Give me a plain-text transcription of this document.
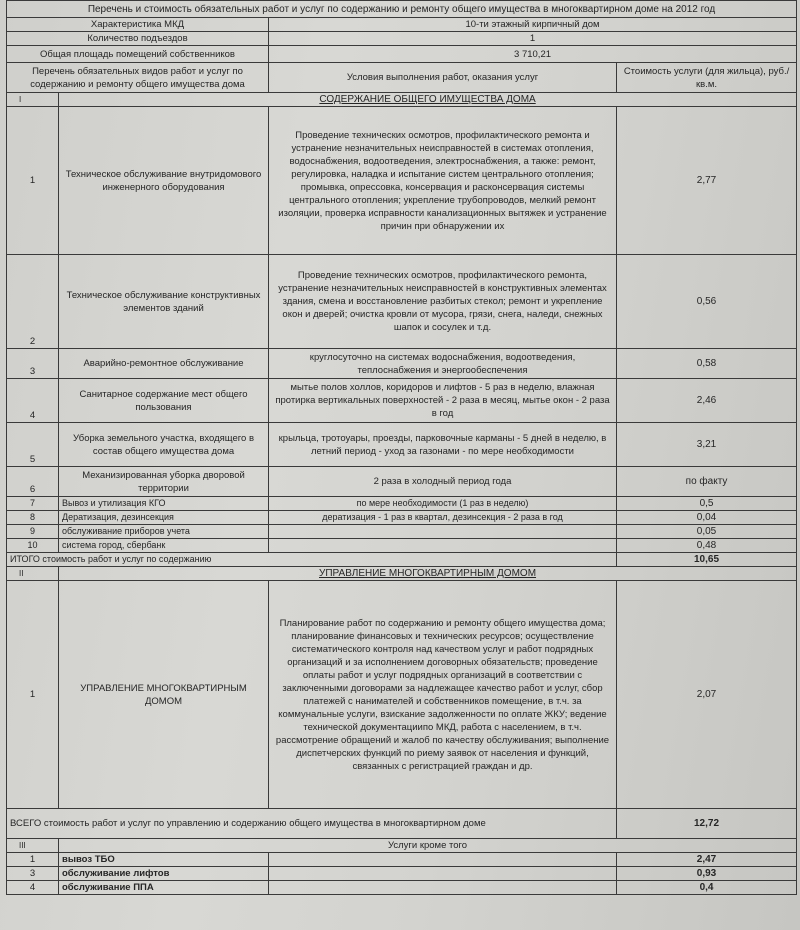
Перечень и стоимость обязательных работ и услуг по содержанию и ремонту общего имущества в многоквартирном доме на 2012 год			
Характеристика МКД		10-ти этажный кирпичный дом	
Количество подъездов		1	
Общая площадь помещений собственников		3 710,21	
Перечень обязательных видов работ и услуг по содержанию и ремонту общего имущества дома		Условия выполнения работ, оказания услуг	Стоимость услуги (для жильца), руб./кв.м.
I	СОДЕРЖАНИЕ ОБЩЕГО ИМУЩЕСТВА ДОМА		
1	Техническое обслуживание внутридомового инженерного оборудования	Проведение технических осмотров, профилактического ремонта и устранение незначительных неисправностей в системах отопления, водоснабжения, водоотведения, электроснабжения, а также: ремонт, регулировка, наладка и испытание систем центрального отопления; промывка, опрессовка, консервация и расконсервация системы центрального отопления; укрепление трубопроводов, мелкий ремонт изоляции, проверка исправности канализационных вытяжек и устранение причин при обнаружении их	2,77
2	Техническое обслуживание конструктивных элементов зданий	Проведение технических осмотров, профилактического ремонта, устранение незначительных неисправностей в конструктивных элементах здания, смена и восстановление разбитых стекол; ремонт и укрепление окон и дверей; очистка кровли от мусора, грязи, снега, наледи, снежных шапок и сосулек и т.д.	0,56
3	Аварийно-ремонтное обслуживание	круглосуточно на системах водоснабжения, водоотведения, теплоснабжения и энергообеспечения	0,58
4	Санитарное содержание мест общего пользования	мытье полов холлов, коридоров и лифтов - 5 раз в неделю, влажная протирка вертикальных поверхностей - 2 раза в месяц, мытье окон - 2 раза в год	2,46
5	Уборка земельного участка, входящего в состав общего имущества дома	крыльца, тротоуары, проезды, парковочные карманы - 5 дней в неделю, в летний период - уход за газонами - по мере необходимости	3,21
6	Механизированная уборка дворовой территории	2 раза в холодный период года	по факту
7	Вывоз и утилизация КГО	по мере необходимости (1 раз в неделю)	0,5
8	Дератизация, дезинсекция	дератизация - 1 раз в квартал, дезинсекция - 2 раза в год	0,04
9	обслуживание приборов учета		0,05
10	система город, сбербанк		0,48
ИТОГО стоимость работ и услуг по содержанию			10,65
II	УПРАВЛЕНИЕ МНОГОКВАРТИРНЫМ ДОМОМ		
1	УПРАВЛЕНИЕ МНОГОКВАРТИРНЫМ ДОМОМ	Планирование работ по содержанию и ремонту общего имущества дома; планирование финансовых и технических ресурсов; осуществление систематического контроля над качеством услуг и работ подрядных организаций и за исполнением договорных обязательств; проведение оплаты работ и услуг подрядных организаций в соответствии с заключенными договорами за надлежащее качество работ и услуг, сбор платежей с нанимателей и собственников помещение, в т.ч. за коммунальные услуги, взискание задолженности по оплате ЖКУ; ведение технической документациипо МКД, работа с населением, в т.ч. рассмотрение обращений и жалоб по качеству обслуживания; выполнение диспетчерских функций по риему заявок от населения и функций, связанных с регистрацией граждан и др.	2,07
ВСЕГО стоимость работ и услуг по управлению и содержанию общего имущества в многоквартирном доме			12,72
III	Услуги кроме того		
1	вывоз ТБО		2,47
3	обслуживание лифтов		0,93
4	обслуживание ППА		0,4
